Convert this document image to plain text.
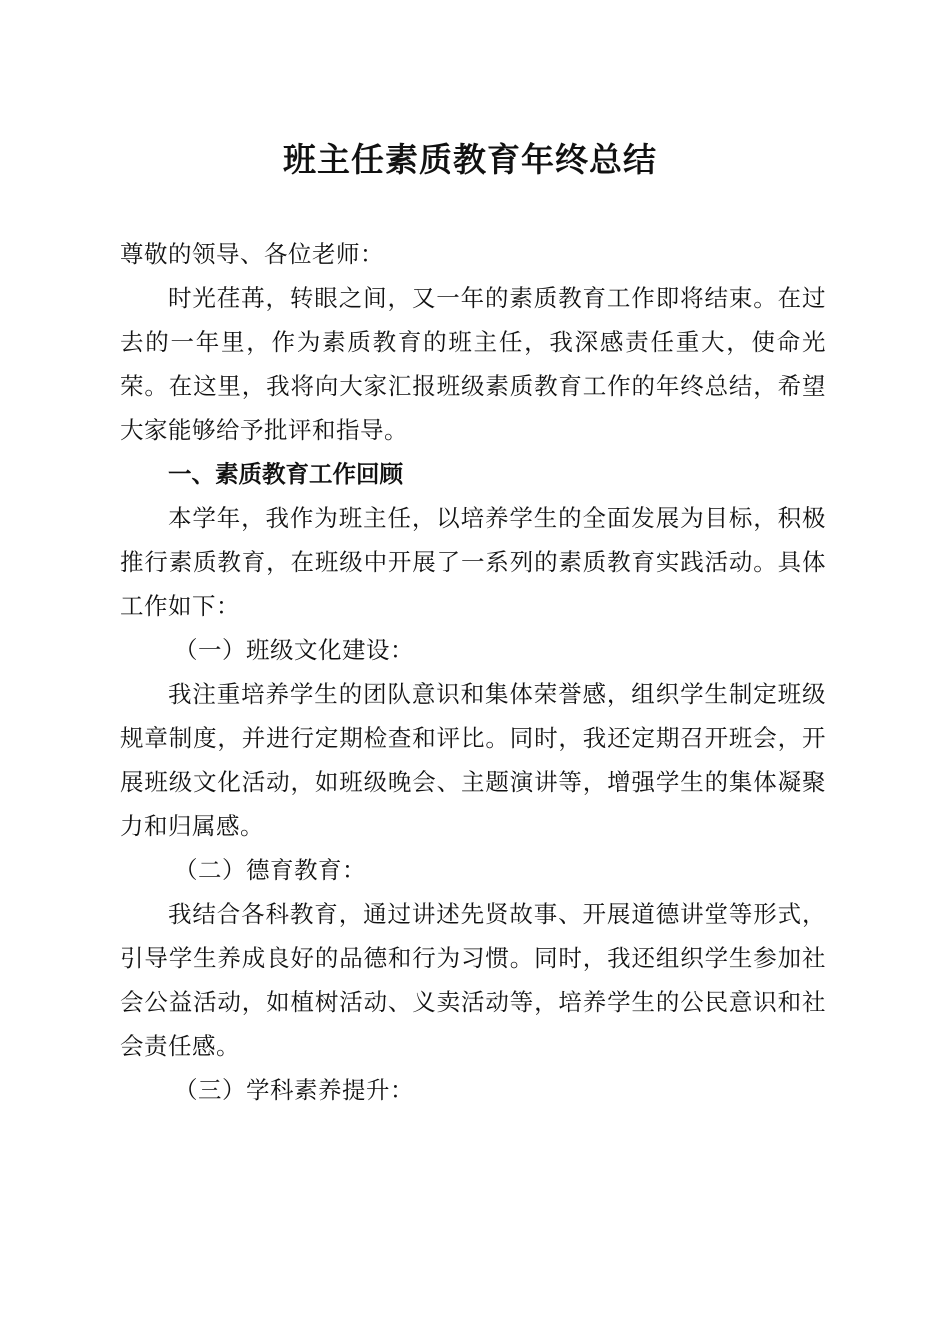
班主任素质教育年终总结

尊敬的领导、各位老师：

时光荏苒，转眼之间，又一年的素质教育工作即将结束。在过去的一年里，作为素质教育的班主任，我深感责任重大，使命光荣。在这里，我将向大家汇报班级素质教育工作的年终总结，希望大家能够给予批评和指导。

一、素质教育工作回顾

本学年，我作为班主任，以培养学生的全面发展为目标，积极推行素质教育，在班级中开展了一系列的素质教育实践活动。具体工作如下：

（一）班级文化建设：

我注重培养学生的团队意识和集体荣誉感，组织学生制定班级规章制度，并进行定期检查和评比。同时，我还定期召开班会，开展班级文化活动，如班级晚会、主题演讲等，增强学生的集体凝聚力和归属感。

（二）德育教育：

我结合各科教育，通过讲述先贤故事、开展道德讲堂等形式，引导学生养成良好的品德和行为习惯。同时，我还组织学生参加社会公益活动，如植树活动、义卖活动等，培养学生的公民意识和社会责任感。

（三）学科素养提升：
